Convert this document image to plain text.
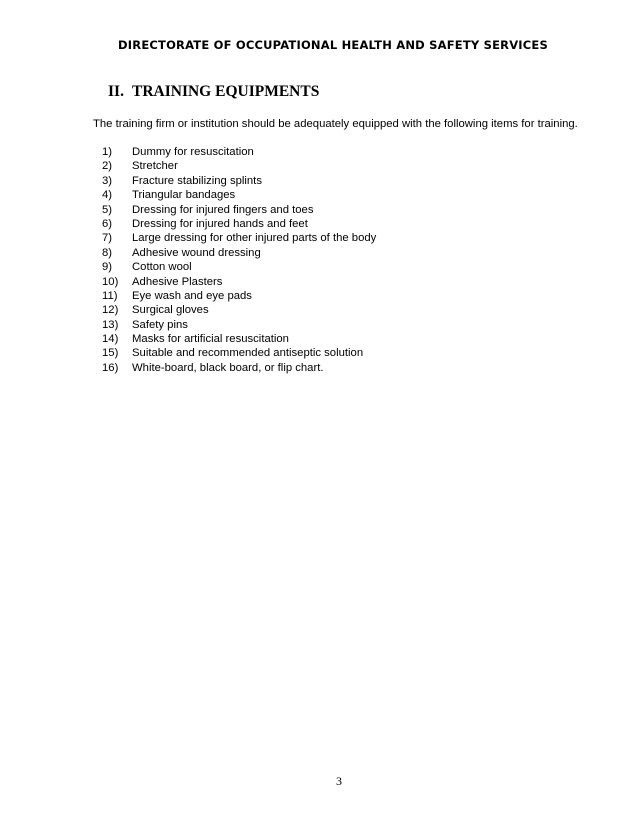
DIRECTORATE OF OCCUPATIONAL HEALTH AND SAFETY SERVICES
II. TRAINING EQUIPMENTS
The training firm or institution should be adequately equipped with the following items for training.
1) Dummy for resuscitation
2) Stretcher
3) Fracture stabilizing splints
4) Triangular bandages
5) Dressing for injured fingers and toes
6) Dressing for injured hands and feet
7) Large dressing for other injured parts of the body
8) Adhesive wound dressing
9) Cotton wool
10) Adhesive Plasters
11) Eye wash and eye pads
12) Surgical gloves
13) Safety pins
14) Masks for artificial resuscitation
15) Suitable and recommended antiseptic solution
16) White-board, black board, or flip chart.
3
